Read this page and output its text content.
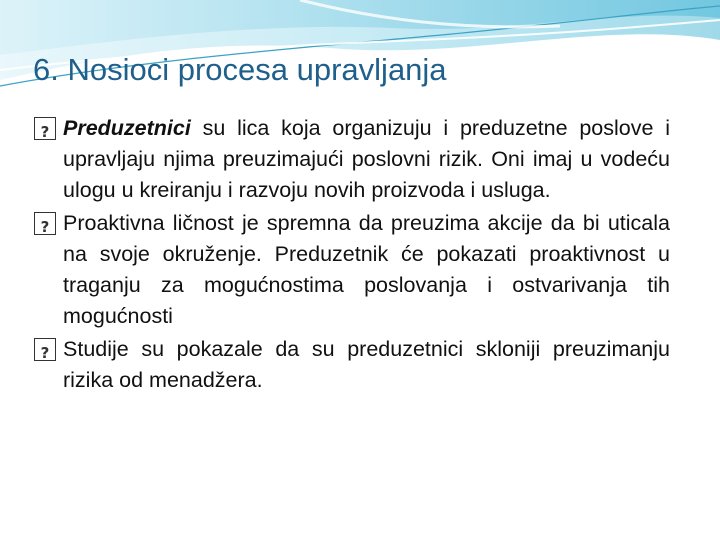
6. Nosioci procesa upravljanja

?
Preduzetnici su lica koja organizuju i preduzetne poslove i upravljaju njima preuzimajući poslovni rizik. Oni imaj u vodeću ulogu u kreiranju i razvoju novih proizvoda i usluga.

?
Proaktivna ličnost je spremna da preuzima akcije da bi uticala na svoje okruženje. Preduzetnik će pokazati proaktivnost u traganju za mogućnostima poslovanja i ostvarivanja tih mogućnosti

?
Studije su pokazale da su preduzetnici skloniji preuzimanju rizika od menadžera.
